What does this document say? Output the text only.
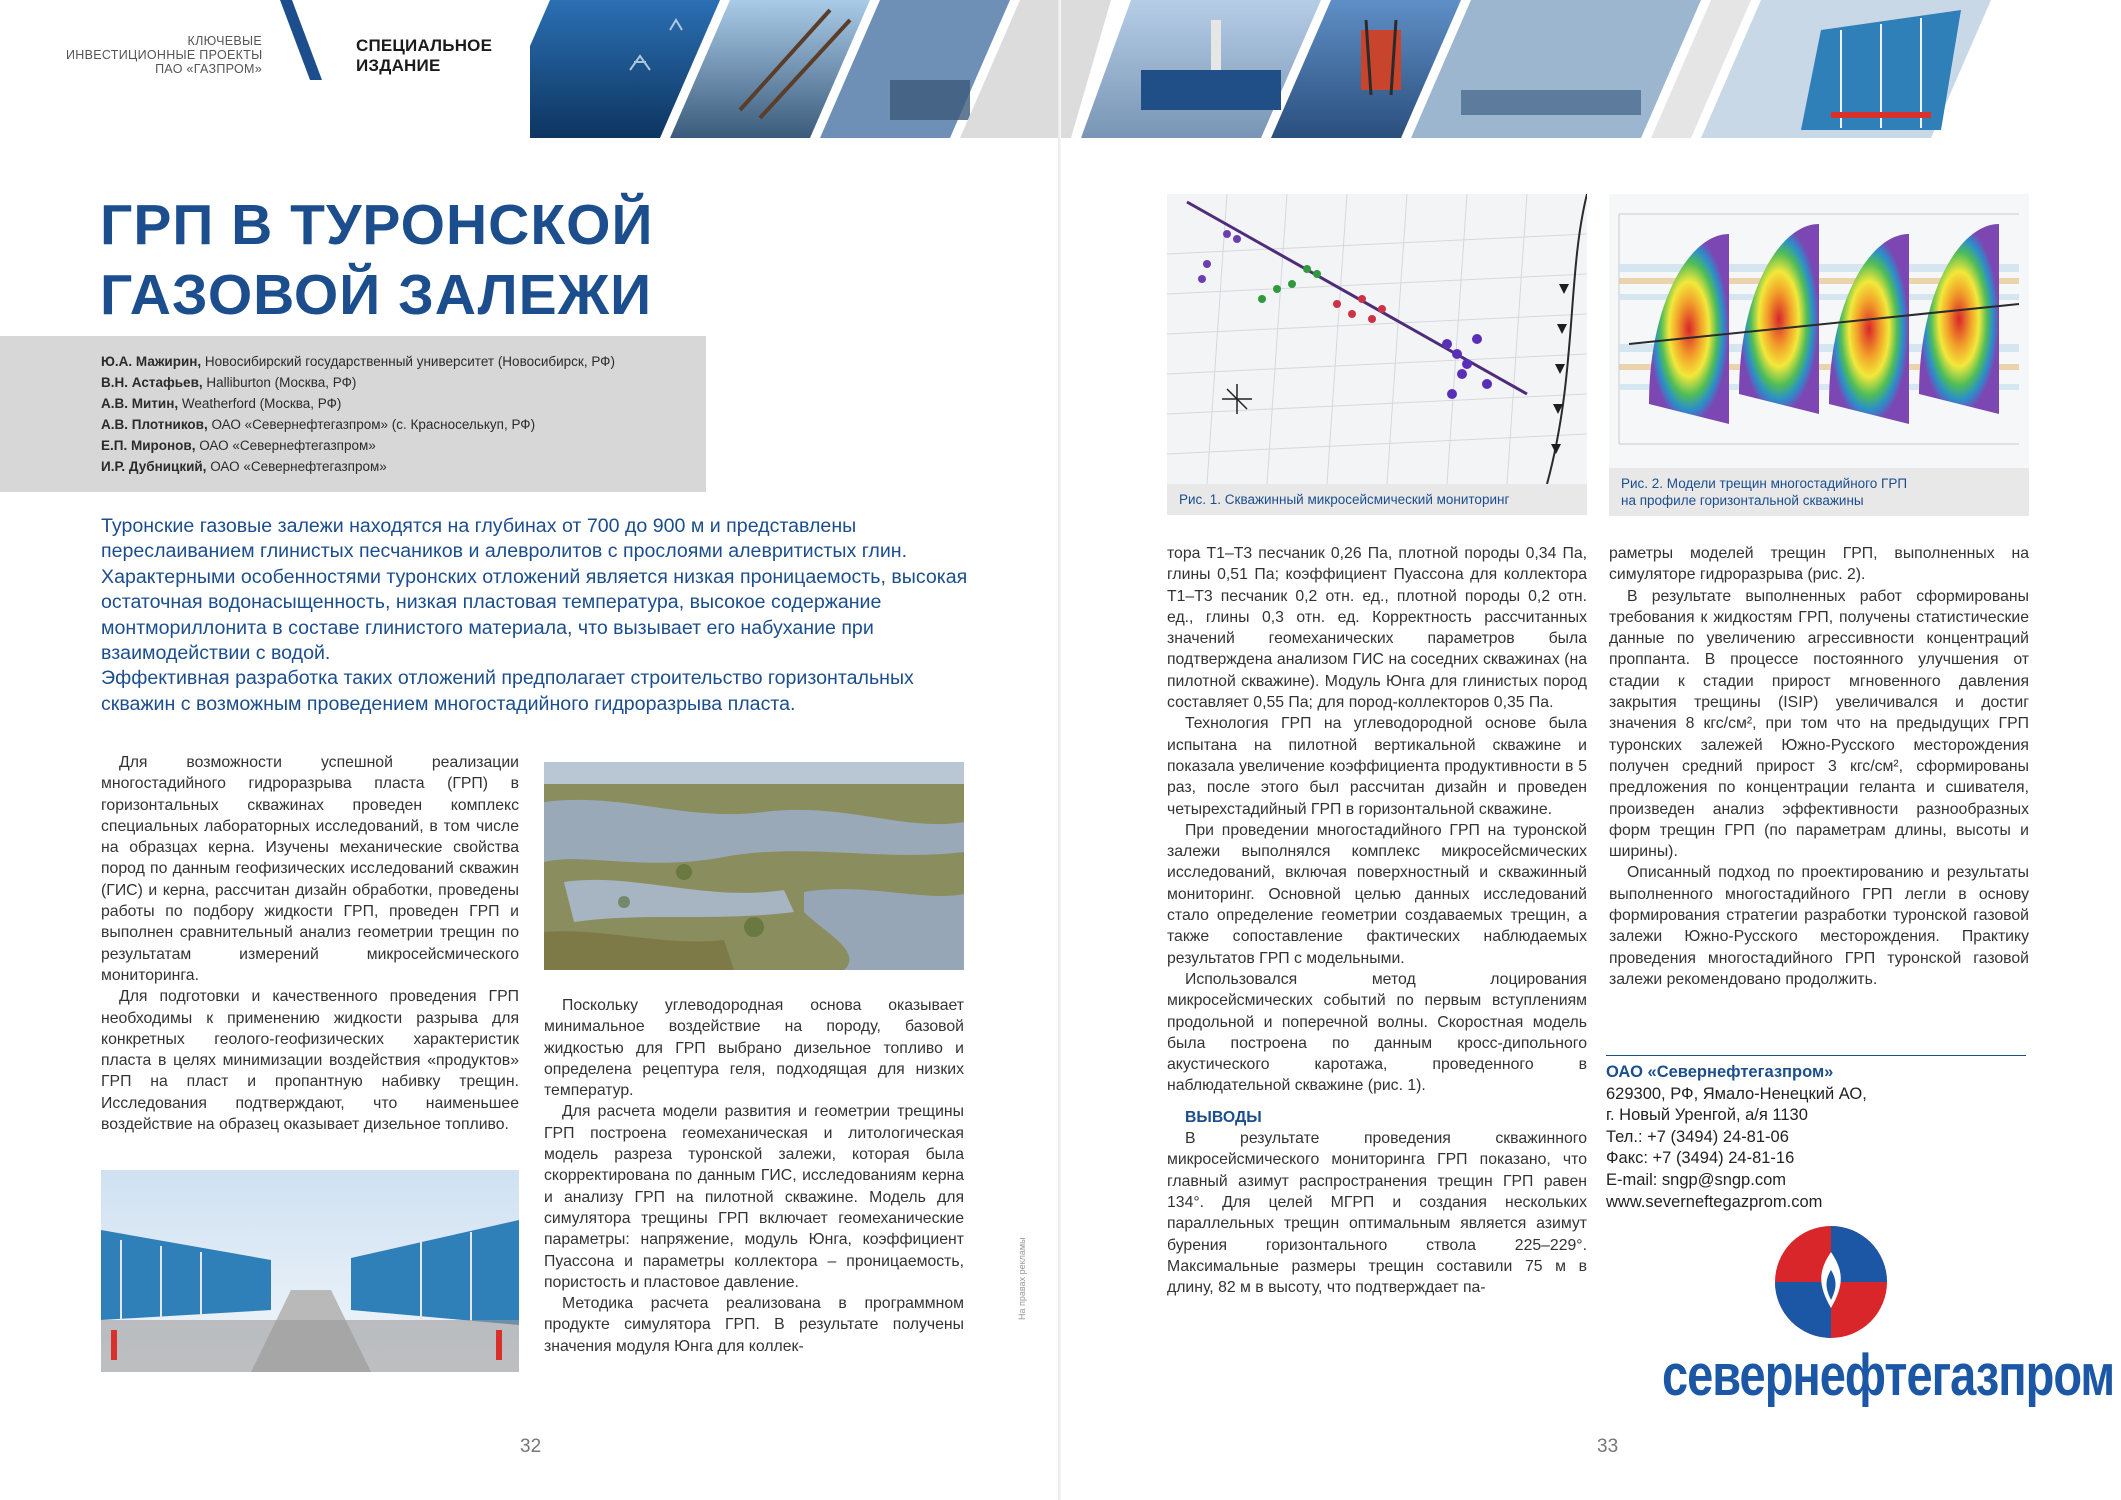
КЛЮЧЕВЫЕ
ИНВЕСТИЦИОННЫЕ ПРОЕКТЫ
ПАО «ГАЗПРОМ»
СПЕЦИАЛЬНОЕ
ИЗДАНИЕ
ГРП В ТУРОНСКОЙ
ГАЗОВОЙ ЗАЛЕЖИ
Ю.А. Мажирин, Новосибирский государственный университет (Новосибирск, РФ)
В.Н. Астафьев, Halliburton (Москва, РФ)
А.В. Митин, Weatherford (Москва, РФ)
А.В. Плотников, ОАО «Севернефтегазпром» (с. Красноселькуп, РФ)
Е.П. Миронов, ОАО «Севернефтегазпром»
И.Р. Дубницкий, ОАО «Севернефтегазпром»

Туронские газовые залежи находятся на глубинах от 700 до 900 м и представлены переслаиванием глинистых песчаников и алевролитов с прослоями алевритистых глин. Характерными особенностями туронских отложений является низкая проницаемость, высокая остаточная водонасыщенность, низкая пластовая температура, высокое содержание монтмориллонита в составе глинистого материала, что вызывает его набухание при взаимодействии с водой.

Эффективная разработка таких отложений предполагает строительство горизонтальных скважин с возможным проведением многостадийного гидроразрыва пласта.

Для возможности успешной реализации многостадийного гидроразрыва пласта (ГРП) в горизонтальных скважинах проведен комплекс специальных лабораторных исследований, в том числе на образцах керна. Изучены механические свойства пород по данным геофизических исследований скважин (ГИС) и керна, рассчитан дизайн обработки, проведены работы по подбору жидкости ГРП, проведен ГРП и выполнен сравнительный анализ геометрии трещин по результатам измерений микросейсмического мониторинга.

Для подготовки и качественного проведения ГРП необходимы к применению жидкости разрыва для конкретных геолого-геофизических характеристик пласта в целях минимизации воздействия «продуктов» ГРП на пласт и пропантную набивку трещин. Исследования подтверждают, что наименьшее воздействие на образец оказывает дизельное топливо.

Поскольку углеводородная основа оказывает минимальное воздействие на породу, базовой жидкостью для ГРП выбрано дизельное топливо и определена рецептура геля, подходящая для низких температур.

Для расчета модели развития и геометрии трещины ГРП построена геомеханическая и литологическая модель разреза туронской залежи, которая была скорректирована по данным ГИС, исследованиям керна и анализу ГРП на пилотной скважине. Модель для симулятора трещины ГРП включает геомеханические параметры: напряжение, модуль Юнга, коэффициент Пуассона и параметры коллектора – проницаемость, пористость и пластовое давление.

Методика расчета реализована в программном продукте симулятора ГРП. В результате получены значения модуля Юнга для коллек-

32
На правах рекламы
Рис. 1. Скважинный микросейсмический мониторинг
Рис. 2. Модели трещин многостадийного ГРП
на профиле горизонтальной скважины

тора Т1–Т3 песчаник 0,26 Па, плотной породы 0,34 Па, глины 0,51 Па; коэффициент Пуассона для коллектора Т1–Т3 песчаник 0,2 отн. ед., плотной породы 0,2 отн. ед., глины 0,3 отн. ед. Корректность рассчитанных значений геомеханических параметров была подтверждена анализом ГИС на соседних скважинах (на пилотной скважине). Модуль Юнга для глинистых пород составляет 0,55 Па; для пород-коллекторов 0,35 Па.

Технология ГРП на углеводородной основе была испытана на пилотной вертикальной скважине и показала увеличение коэффициента продуктивности в 5 раз, после этого был рассчитан дизайн и проведен четырехстадийный ГРП в горизонтальной скважине.

При проведении многостадийного ГРП на туронской залежи выполнялся комплекс микросейсмических исследований, включая поверхностный и скважинный мониторинг. Основной целью данных исследований стало определение геометрии создаваемых трещин, а также сопоставление фактических наблюдаемых результатов ГРП с модельными.

Использовался метод лоцирования микросейсмических событий по первым вступлениям продольной и поперечной волны. Скоростная модель была построена по данным кросс-дипольного акустического каротажа, проведенного в наблюдательной скважине (рис. 1).

ВЫВОДЫ

В результате проведения скважинного микросейсмического мониторинга ГРП показано, что главный азимут распространения трещин ГРП равен 134°. Для целей МГРП и создания нескольких параллельных трещин оптимальным является азимут бурения горизонтального ствола 225–229°. Максимальные размеры трещин составили 75 м в длину, 82 м в высоту, что подтверждает па-

раметры моделей трещин ГРП, выполненных на симуляторе гидроразрыва (рис. 2).

В результате выполненных работ сформированы требования к жидкостям ГРП, получены статистические данные по увеличению агрессивности концентраций проппанта. В процессе постоянного улучшения от стадии к стадии прирост мгновенного давления закрытия трещины (ISIP) увеличивался и достиг значения 8 кгс/см², при том что на предыдущих ГРП туронских залежей Южно-Русского месторождения получен средний прирост 3 кгс/см², сформированы предложения по концентрации геланта и сшивателя, произведен анализ эффективности разнообразных форм трещин ГРП (по параметрам длины, высоты и ширины).

Описанный подход по проектированию и результаты выполненного многостадийного ГРП легли в основу формирования стратегии разработки туронской газовой залежи Южно-Русского месторождения. Практику проведения многостадийного ГРП туронской газовой залежи рекомендовано продолжить.

ОАО «Севернефтегазпром»
629300, РФ, Ямало-Ненецкий АО,
г. Новый Уренгой, а/я 1130
Тел.: +7 (3494) 24-81-06
Факс: +7 (3494) 24-81-16
E-mail: sngp@sngp.com
www.severneftegazprom.com
севернефтегазпром
33
